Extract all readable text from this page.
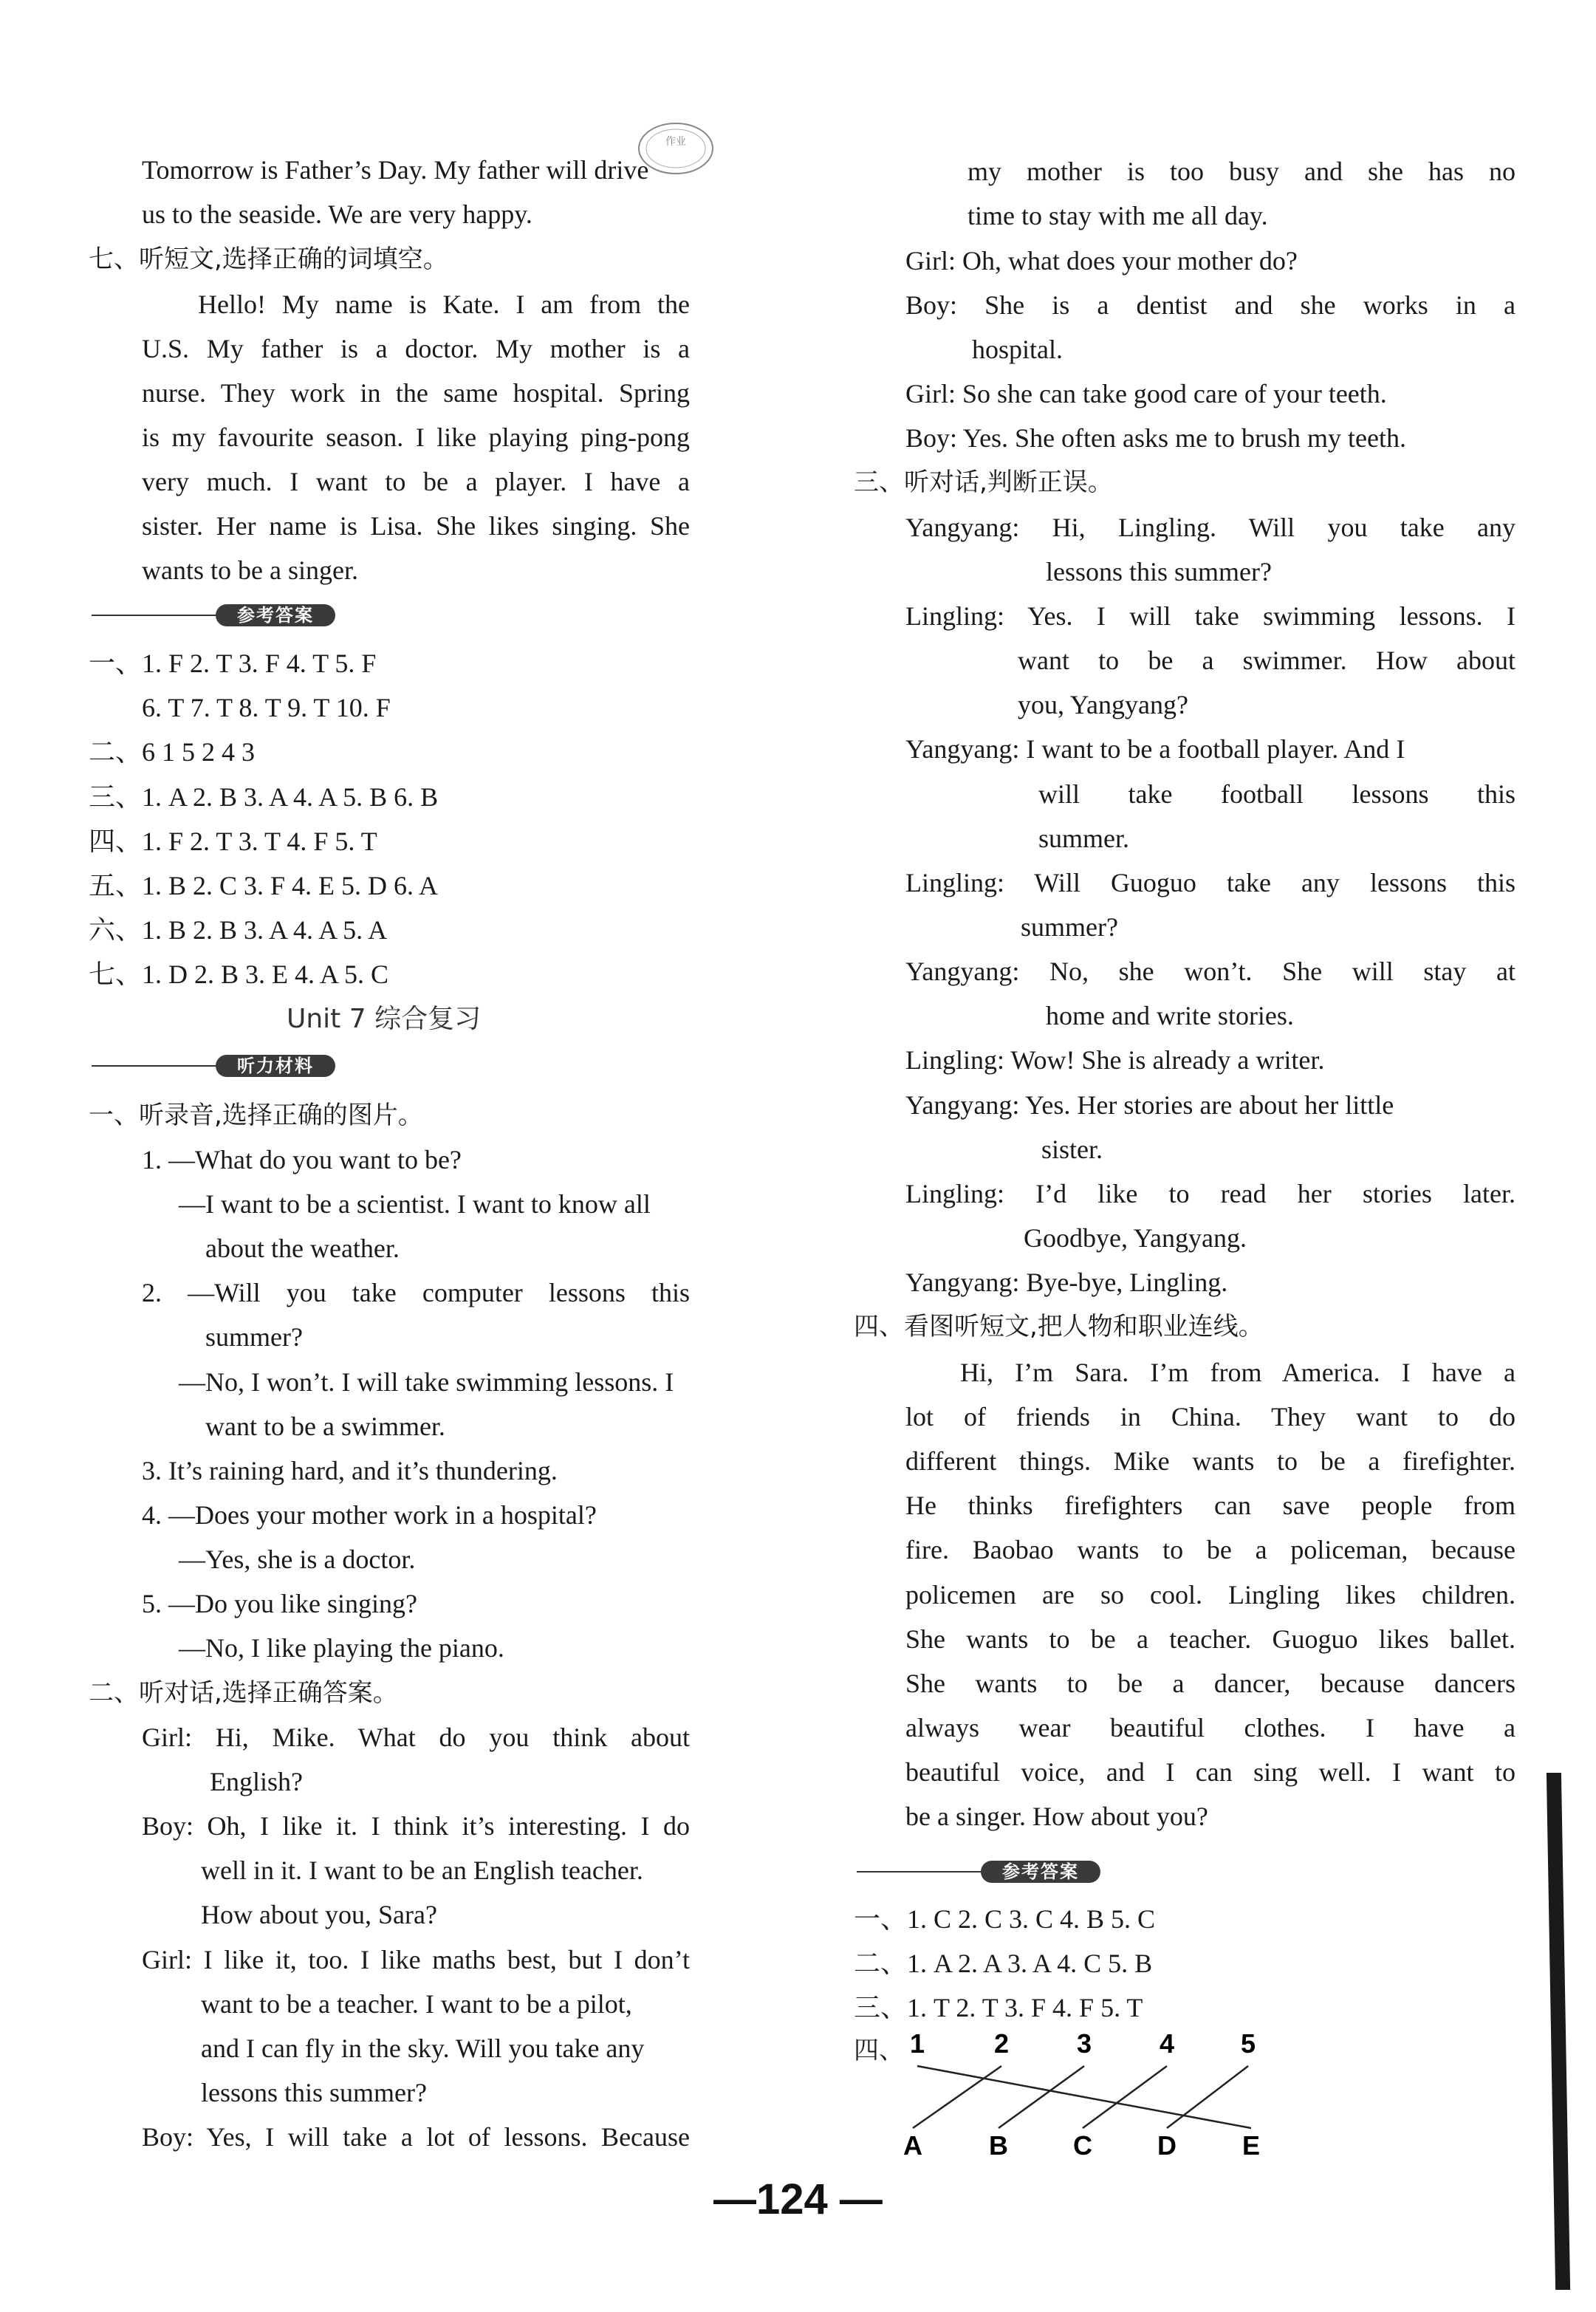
作业
Tomorrow is Father’s Day. My father will drive
us to the seaside. We are very happy.
七、听短文,选择正确的词填空。
Hello! My name is Kate. I am from the
U.S. My father is a doctor. My mother is a
nurse. They work in the same hospital. Spring
is my favourite season. I like playing ping-pong
very much. I want to be a player. I have a
sister. Her name is Lisa. She likes singing. She
wants to be a singer.
参考答案
一、1. F 2. T 3. F 4. T 5. F
6. T 7. T 8. T 9. T 10. F
二、6 1 5 2 4 3
三、1. A 2. B 3. A 4. A 5. B 6. B
四、1. F 2. T 3. T 4. F 5. T
五、1. B 2. C 3. F 4. E 5. D 6. A
六、1. B 2. B 3. A 4. A 5. A
七、1. D 2. B 3. E 4. A 5. C
Unit 7 综合复习
听力材料
一、听录音,选择正确的图片。
1. —What do you want to be?
—I want to be a scientist. I want to know all
about the weather.
2. —Will you take computer lessons this
summer?
—No, I won’t. I will take swimming lessons. I
want to be a swimmer.
3. It’s raining hard, and it’s thundering.
4. —Does your mother work in a hospital?
—Yes, she is a doctor.
5. —Do you like singing?
—No, I like playing the piano.
二、听对话,选择正确答案。
Girl: Hi, Mike. What do you think about
English?
Boy: Oh, I like it. I think it’s interesting. I do
well in it. I want to be an English teacher.
How about you, Sara?
Girl: I like it, too. I like maths best, but I don’t
want to be a teacher. I want to be a pilot,
and I can fly in the sky. Will you take any
lessons this summer?
Boy: Yes, I will take a lot of lessons. Because
my mother is too busy and she has no
time to stay with me all day.
Girl: Oh, what does your mother do?
Boy: She is a dentist and she works in a
hospital.
Girl: So she can take good care of your teeth.
Boy: Yes. She often asks me to brush my teeth.
三、听对话,判断正误。
Yangyang: Hi, Lingling. Will you take any
lessons this summer?
Lingling: Yes. I will take swimming lessons. I
want to be a swimmer. How about
you, Yangyang?
Yangyang: I want to be a football player. And I
will take football lessons this
summer.
Lingling: Will Guoguo take any lessons this
summer?
Yangyang: No, she won’t. She will stay at
home and write stories.
Lingling: Wow! She is already a writer.
Yangyang: Yes. Her stories are about her little
sister.
Lingling: I’d like to read her stories later.
Goodbye, Yangyang.
Yangyang: Bye-bye, Lingling.
四、看图听短文,把人物和职业连线。
Hi, I’m Sara. I’m from America. I have a
lot of friends in China. They want to do
different things. Mike wants to be a firefighter.
He thinks firefighters can save people from
fire. Baobao wants to be a policeman, because
policemen are so cool. Lingling likes children.
She wants to be a teacher. Guoguo likes ballet.
She wants to be a dancer, because dancers
always wear beautiful clothes. I have a
beautiful voice, and I can sing well. I want to
be a singer. How about you?
参考答案
一、1. C 2. C 3. C 4. B 5. C
二、1. A 2. A 3. A 4. C 5. B
三、1. T 2. T 3. F 4. F 5. T
四、 1	2	3	4 5
A	B C D E
—124 —
